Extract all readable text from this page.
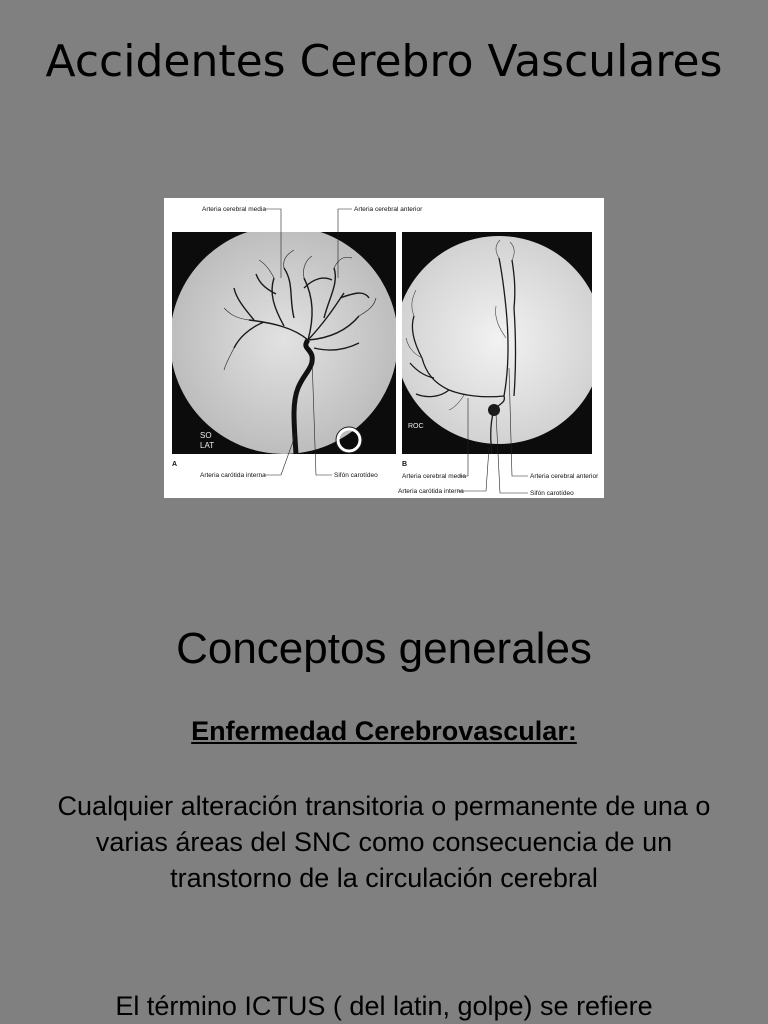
Accidentes Cerebro Vasculares
SO
LAT
ROC
A	B
Arteria cerebral media	Arteria cerebral anterior
Arteria carótida interna	Sifón carotídeo	Arteria cerebral media
Arteria carótida interna
Arteria cerebral anterior
Sifón carotídeo
Conceptos generales
Enfermedad Cerebrovascular:
Cualquier alteración transitoria o permanente de una o varias áreas del SNC como consecuencia de un transtorno de la circulación cerebral
El término ICTUS ( del latin, golpe) se refiere
